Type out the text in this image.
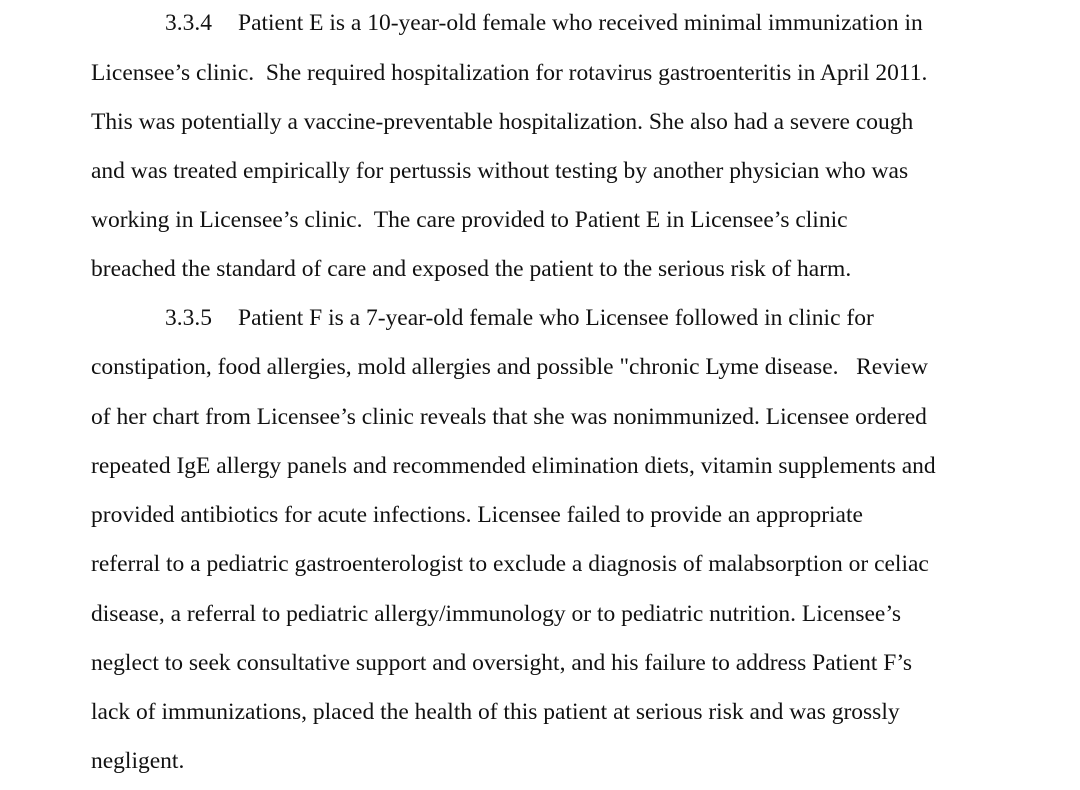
3.3.4 Patient E is a 10-year-old female who received minimal immunization in
Licensee’s clinic.  She required hospitalization for rotavirus gastroenteritis in April 2011.
This was potentially a vaccine-preventable hospitalization. She also had a severe cough
and was treated empirically for pertussis without testing by another physician who was
working in Licensee’s clinic.  The care provided to Patient E in Licensee’s clinic
breached the standard of care and exposed the patient to the serious risk of harm.
3.3.5 Patient F is a 7-year-old female who Licensee followed in clinic for
constipation, food allergies, mold allergies and possible "chronic Lyme disease.   Review
of her chart from Licensee’s clinic reveals that she was nonimmunized. Licensee ordered
repeated IgE allergy panels and recommended elimination diets, vitamin supplements and
provided antibiotics for acute infections. Licensee failed to provide an appropriate
referral to a pediatric gastroenterologist to exclude a diagnosis of malabsorption or celiac
disease, a referral to pediatric allergy/immunology or to pediatric nutrition. Licensee’s
neglect to seek consultative support and oversight, and his failure to address Patient F’s
lack of immunizations, placed the health of this patient at serious risk and was grossly
negligent.
